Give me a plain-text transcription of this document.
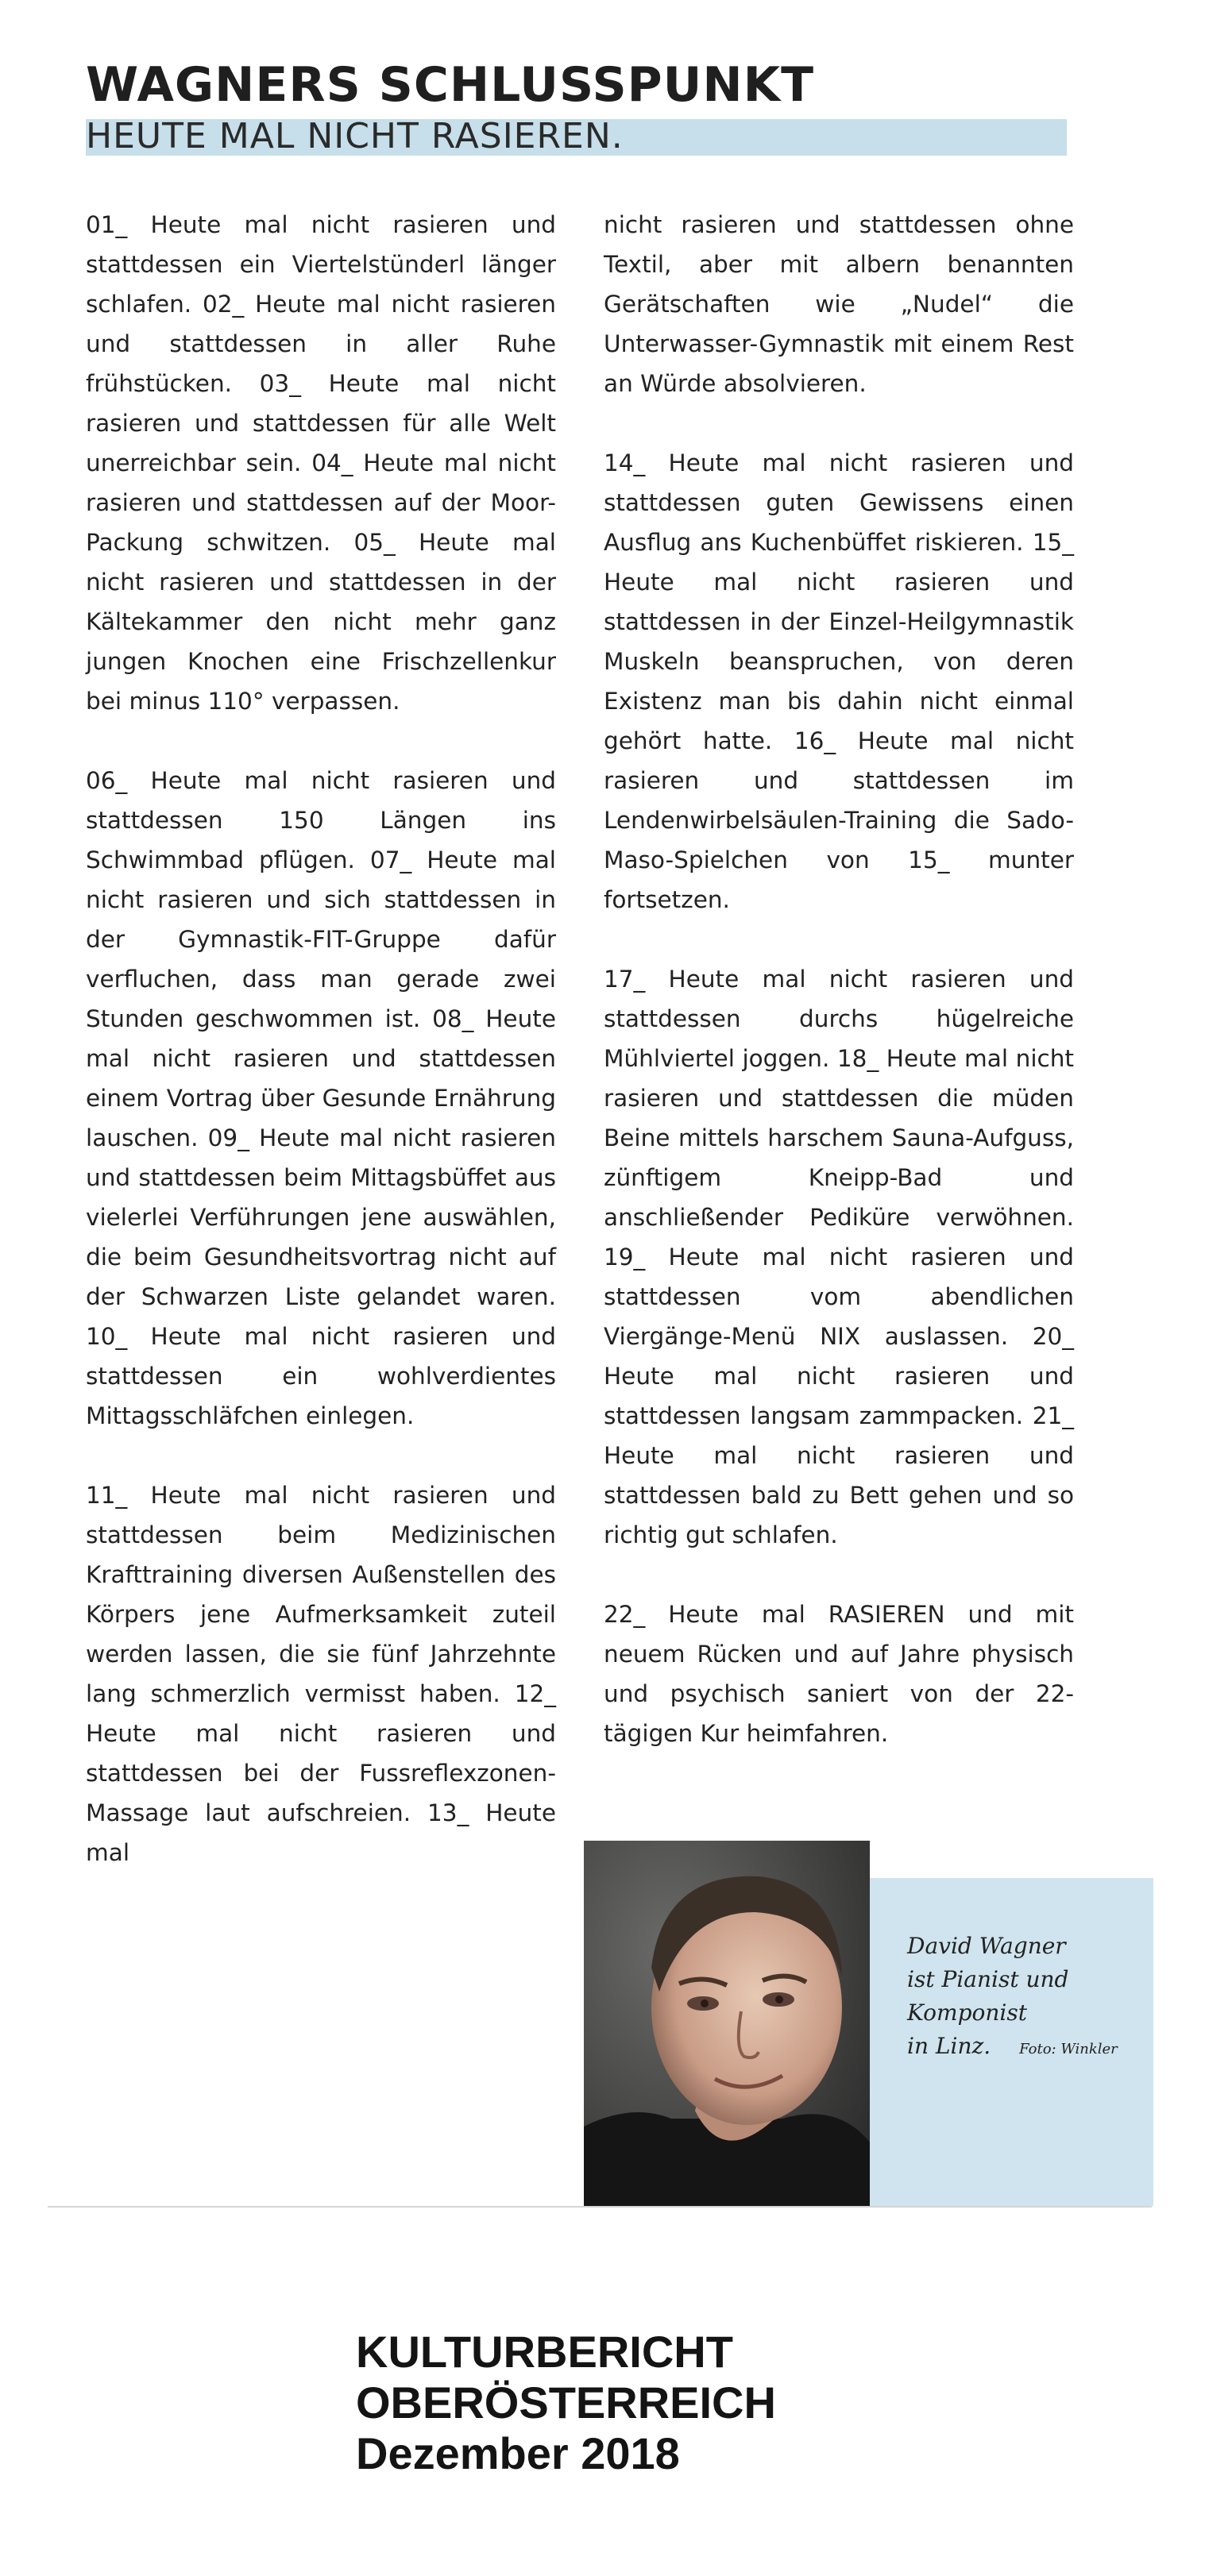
WAGNERS SCHLUSSPUNKT
HEUTE MAL NICHT RASIEREN.

01_ Heute mal nicht rasieren und stattdessen ein Viertelstünderl länger schlafen. 02_ Heute mal nicht rasieren und stattdessen in aller Ruhe frühstücken. 03_ Heute mal nicht rasieren und stattdessen für alle Welt unerreichbar sein. 04_ Heute mal nicht rasieren und stattdessen auf der Moor-Packung schwitzen. 05_ Heute mal nicht rasieren und stattdessen in der Kältekammer den nicht mehr ganz jungen Knochen eine Frischzellenkur bei minus 110° verpassen.

06_ Heute mal nicht rasieren und stattdessen 150 Längen ins Schwimmbad pflügen. 07_ Heute mal nicht rasieren und sich stattdessen in der Gymnastik-FIT-Gruppe dafür verfluchen, dass man gerade zwei Stunden geschwommen ist. 08_ Heute mal nicht rasieren und stattdessen einem Vortrag über Gesunde Ernährung lauschen. 09_ Heute mal nicht rasieren und stattdessen beim Mittagsbüffet aus vielerlei Verführungen jene auswählen, die beim Gesundheitsvortrag nicht auf der Schwarzen Liste gelandet waren. 10_ Heute mal nicht rasieren und stattdessen ein wohlverdientes Mittagsschläfchen einlegen.

11_ Heute mal nicht rasieren und stattdessen beim Medizinischen Krafttraining diversen Außenstellen des Körpers jene Aufmerksamkeit zuteil werden lassen, die sie fünf Jahrzehnte lang schmerzlich vermisst haben. 12_ Heute mal nicht rasieren und stattdessen bei der Fussreflexzonen-Massage laut aufschreien. 13_ Heute mal

nicht rasieren und stattdessen ohne Textil, aber mit albern benannten Gerätschaften wie „Nudel“ die Unterwasser-Gymnastik mit einem Rest an Würde absolvieren.

14_ Heute mal nicht rasieren und stattdessen guten Gewissens einen Ausflug ans Kuchenbüffet riskieren. 15_ Heute mal nicht rasieren und stattdessen in der Einzel-Heilgymnastik Muskeln beanspruchen, von deren Existenz man bis dahin nicht einmal gehört hatte. 16_ Heute mal nicht rasieren und stattdessen im Lendenwirbelsäulen-Training die Sado-Maso-Spielchen von 15_ munter fortsetzen.

17_ Heute mal nicht rasieren und stattdessen durchs hügelreiche Mühlviertel joggen. 18_ Heute mal nicht rasieren und stattdessen die müden Beine mittels harschem Sauna-Aufguss, zünftigem Kneipp-Bad und anschließender Pediküre verwöhnen. 19_ Heute mal nicht rasieren und stattdessen vom abendlichen Viergänge-Menü NIX auslassen. 20_ Heute mal nicht rasieren und stattdessen langsam zammpacken. 21_ Heute mal nicht rasieren und stattdessen bald zu Bett gehen und so richtig gut schlafen.

22_ Heute mal RASIEREN und mit neuem Rücken und auf Jahre physisch und psychisch saniert von der 22-tägigen Kur heimfahren.

David Wagner
ist Pianist und
Komponist
in Linz. Foto: Winkler
KULTURBERICHT
OBERÖSTERREICH
Dezember 2018
